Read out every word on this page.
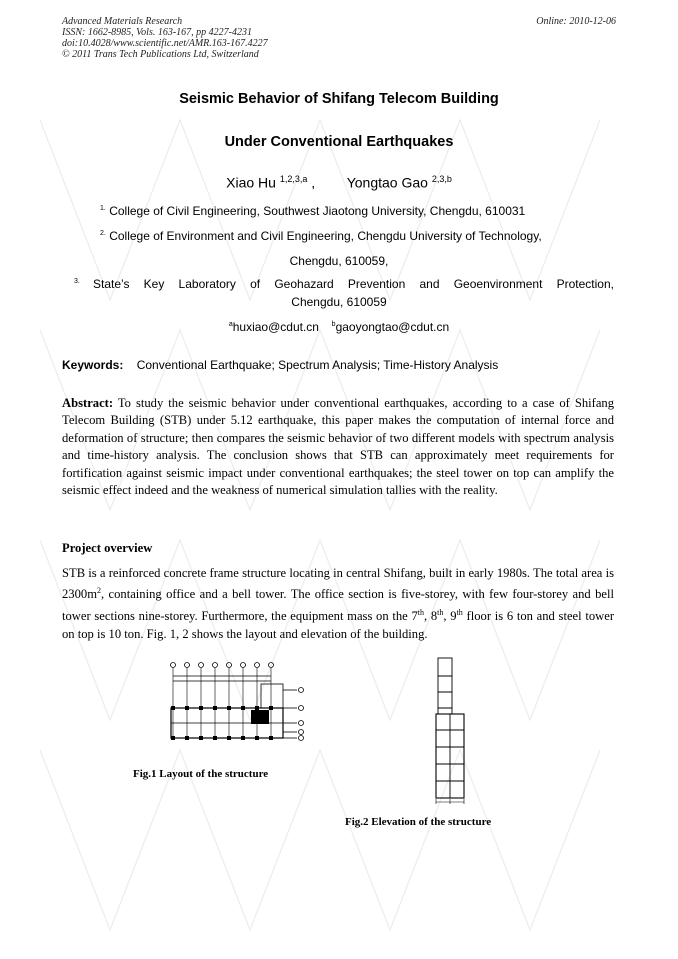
Advanced Materials Research
ISSN: 1662-8985, Vols. 163-167, pp 4227-4231
doi:10.4028/www.scientific.net/AMR.163-167.4227
© 2011 Trans Tech Publications Ltd, Switzerland
Online: 2010-12-06
Seismic Behavior of Shifang Telecom Building
Under Conventional Earthquakes
Xiao Hu $^{1,2,3,a}$ , Yongtao Gao $^{2,3,b}$
$^{1.}$ College of Civil Engineering, Southwest Jiaotong University, Chengdu, 610031
$^{2.}$ College of Environment and Civil Engineering, Chengdu University of Technology,
Chengdu, 610059,
$^{3.}$ State’s Key Laboratory of Geohazard Prevention and Geoenvironment Protection,
Chengdu, 610059
$^a$huxiao@cdut.cn $^b$gaoyongtao@cdut.cn
Keywords: Conventional Earthquake; Spectrum Analysis; Time-History Analysis
Abstract: To study the seismic behavior under conventional earthquakes, according to a case of Shifang Telecom Building (STB) under 5.12 earthquake, this paper makes the computation of internal force and deformation of structure; then compares the seismic behavior of two different models with spectrum analysis and time-history analysis. The conclusion shows that STB can approximately meet requirements for fortification against seismic impact under conventional earthquakes; the steel tower on top can amplify the seismic effect indeed and the weakness of numerical simulation tallies with the reality.
Project overview
STB is a reinforced concrete frame structure locating in central Shifang, built in early 1980s. The total area is $2300m^2$, containing office and a bell tower. The office section is five-storey, with few four-storey and bell tower sections nine-storey. Furthermore, the equipment mass on the 7th, 8th, 9th floor is 6 ton and steel tower on top is 10 ton. Fig. 1, 2 shows the layout and elevation of the building.
Fig.1 Layout of the structure
Fig.2 Elevation of the structure
